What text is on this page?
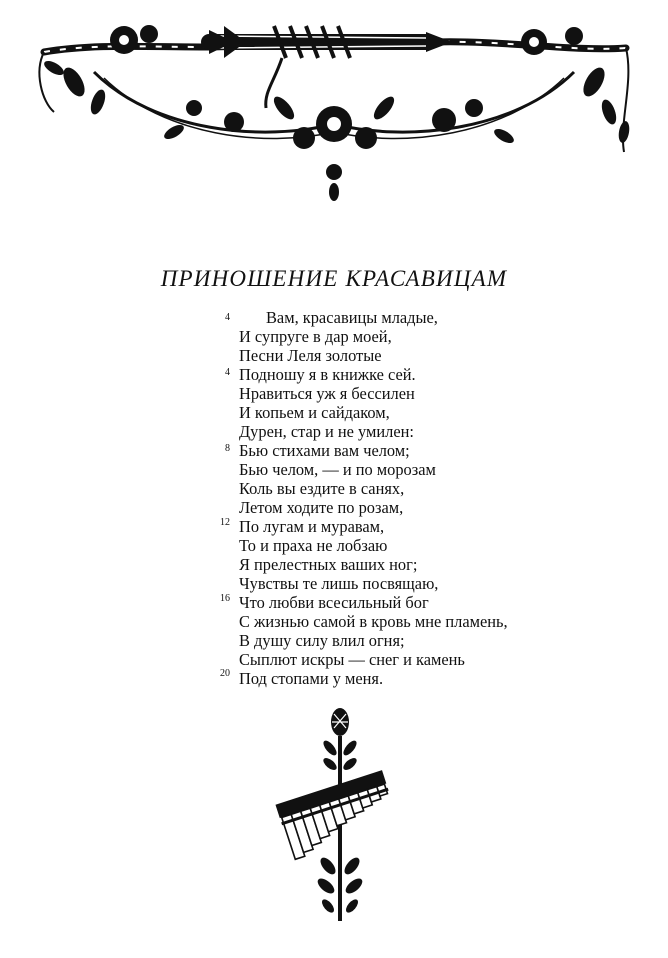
ПРИНОШЕНИЕ КРАСАВИЦАМ
4 Вам, красавицы младые,
И супруге в дар моей,
Песни Леля золотые
4 Подношу я в книжке сей.
Нравиться уж я бессилен
И копьем и сайдаком,
Дурен, стар и не умилен:
8 Бью стихами вам челом;
Бью челом, — и по морозам
Коль вы ездите в санях,
Летом ходите по розам,
12 По лугам и муравам,
То и праха не лобзаю
Я прелестных ваших ног;
Чувствы те лишь посвящаю,
16 Что любви всесильный бог
С жизнью самой в кровь мне пламень,
В душу силу влил огня;
Сыплют искры — снег и камень
20 Под стопами у меня.
